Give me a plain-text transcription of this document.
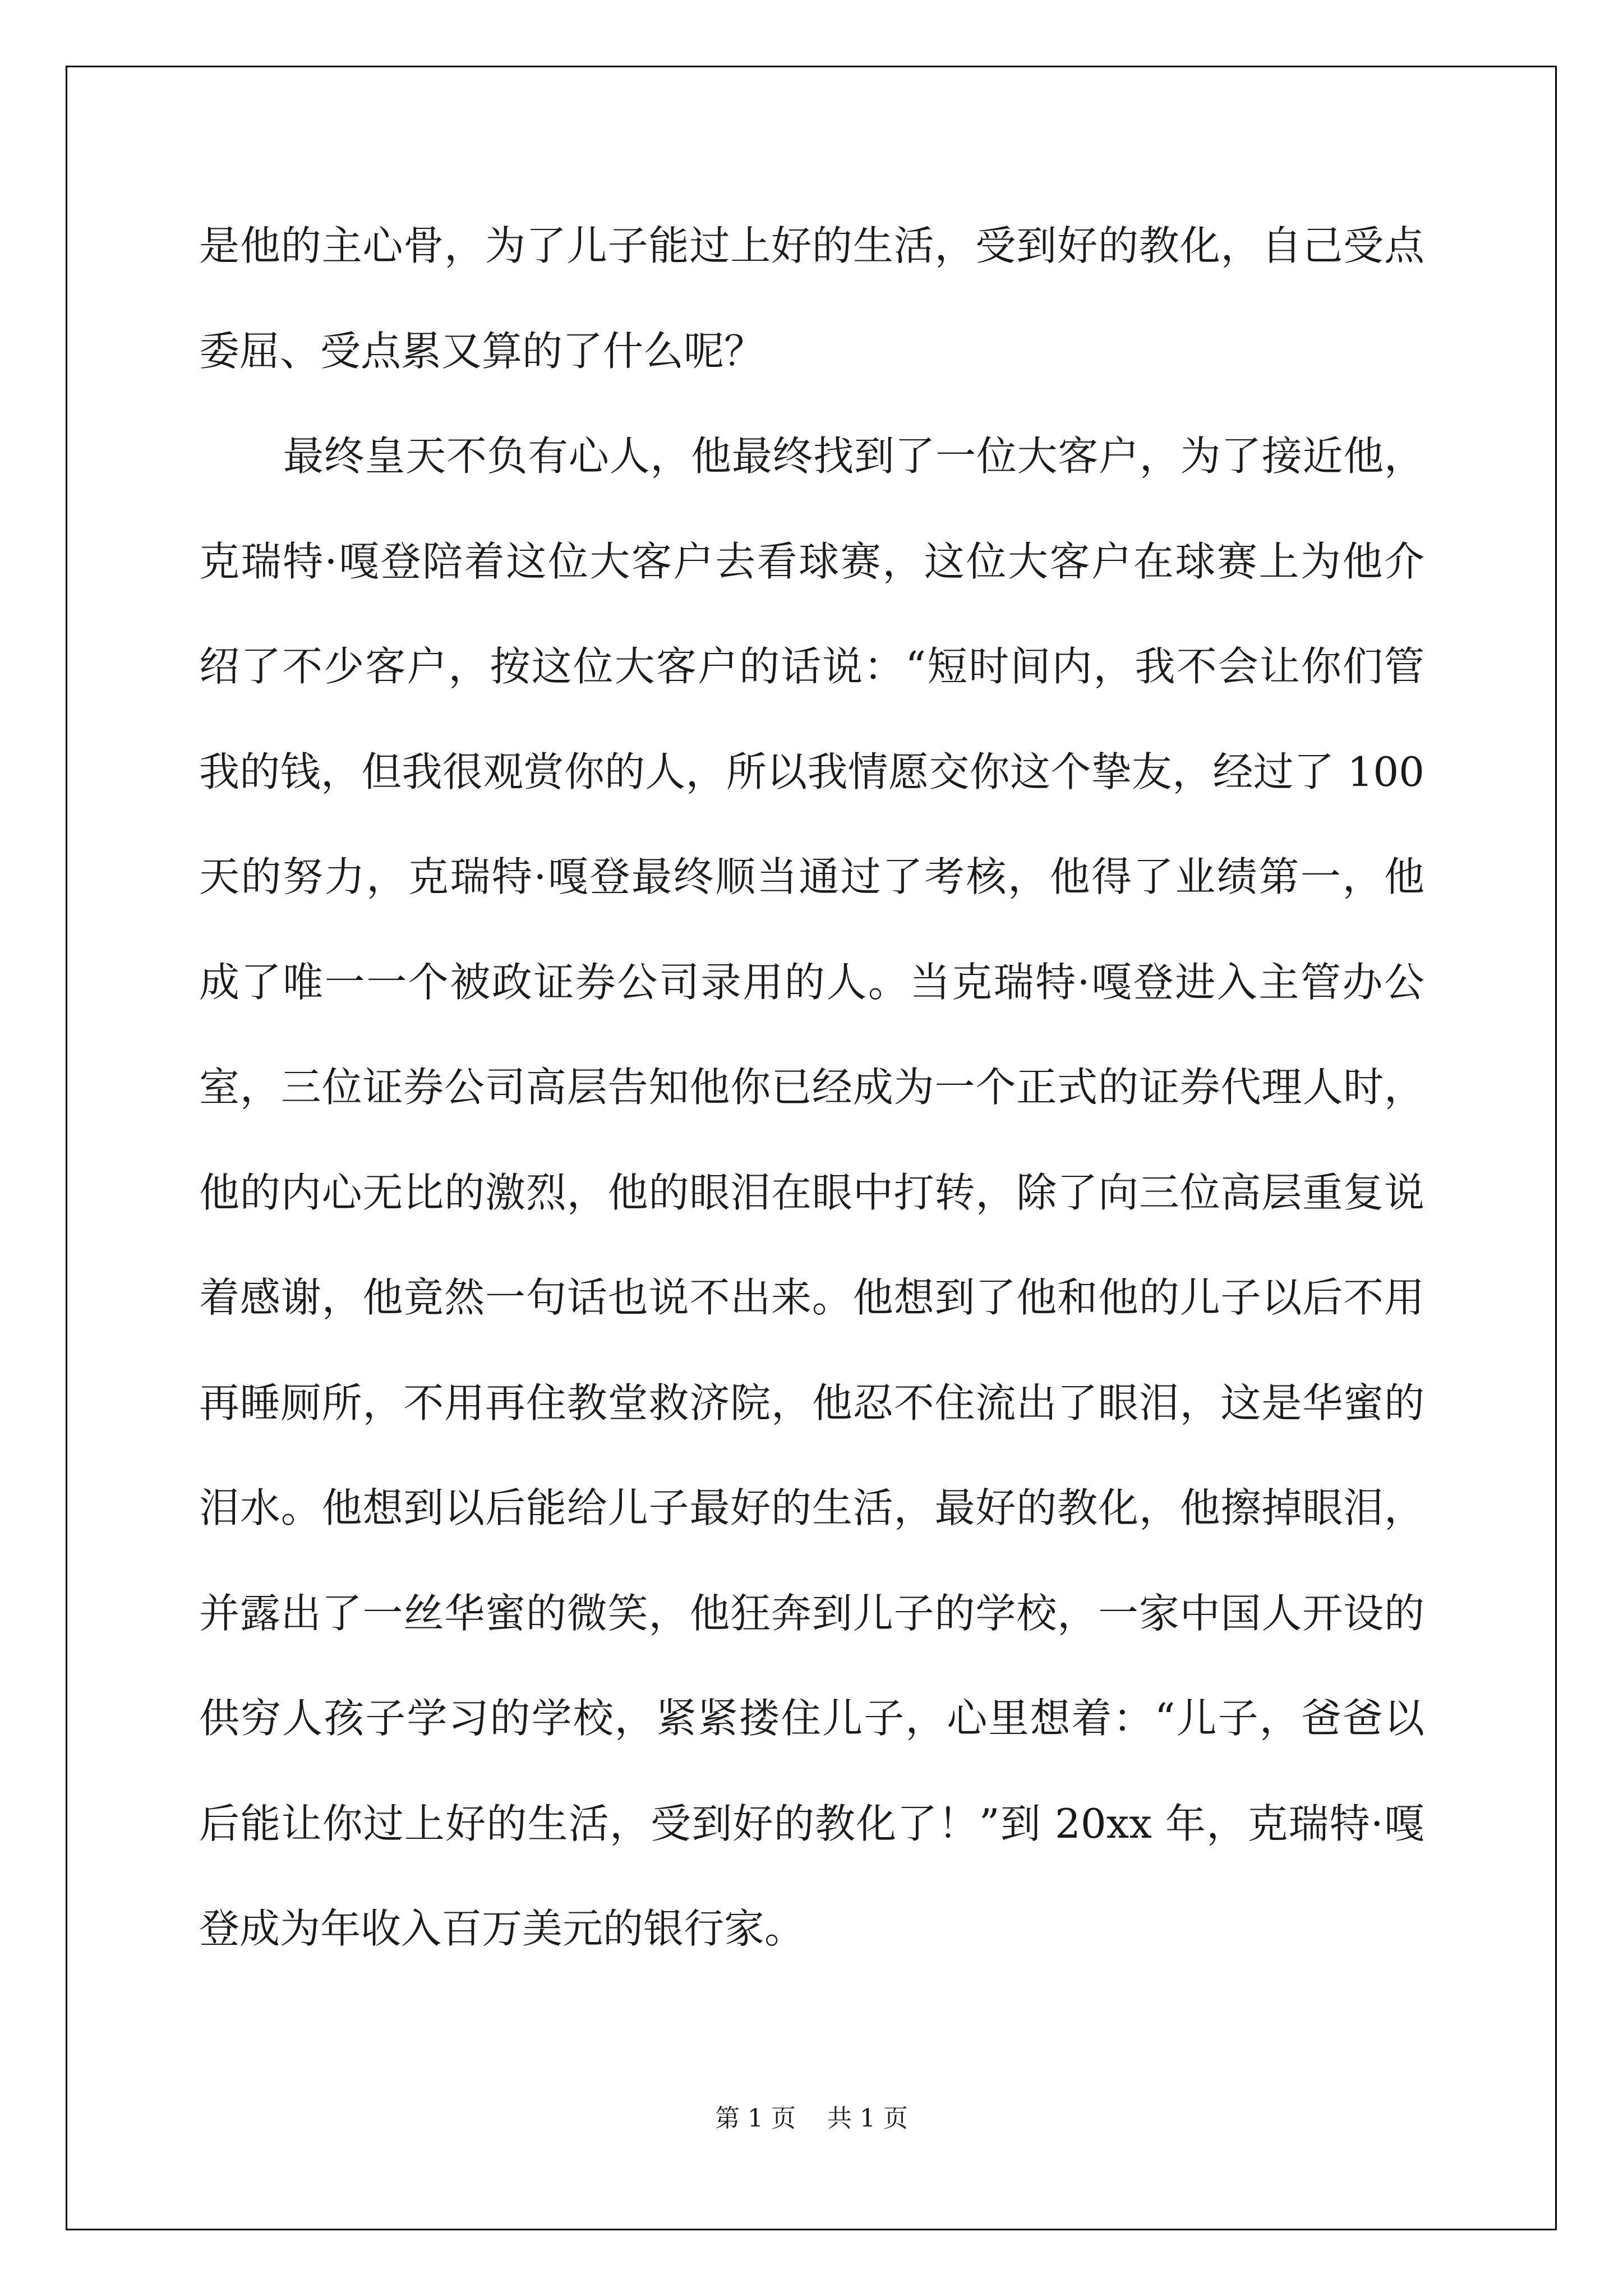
是他的主心骨，为了儿子能过上好的生活，受到好的教化，自己受点
委屈、受点累又算的了什么呢？
最终皇天不负有心人，他最终找到了一位大客户，为了接近他，
克瑞特·嘎登陪着这位大客户去看球赛，这位大客户在球赛上为他介
绍了不少客户，按这位大客户的话说：“短时间内，我不会让你们管
我的钱，但我很观赏你的人，所以我情愿交你这个挚友，经过了 100
天的努力，克瑞特·嘎登最终顺当通过了考核，他得了业绩第一，他
成了唯一一个被政证券公司录用的人。当克瑞特·嘎登进入主管办公
室，三位证券公司高层告知他你已经成为一个正式的证券代理人时，
他的内心无比的激烈，他的眼泪在眼中打转，除了向三位高层重复说
着感谢，他竟然一句话也说不出来。他想到了他和他的儿子以后不用
再睡厕所，不用再住教堂救济院，他忍不住流出了眼泪，这是华蜜的
泪水。他想到以后能给儿子最好的生活，最好的教化，他擦掉眼泪，
并露出了一丝华蜜的微笑，他狂奔到儿子的学校，一家中国人开设的
供穷人孩子学习的学校，紧紧搂住儿子，心里想着：“儿子，爸爸以
后能让你过上好的生活，受到好的教化了！”到 20xx 年，克瑞特·嘎
登成为年收入百万美元的银行家。
第 1 页    共 1 页
